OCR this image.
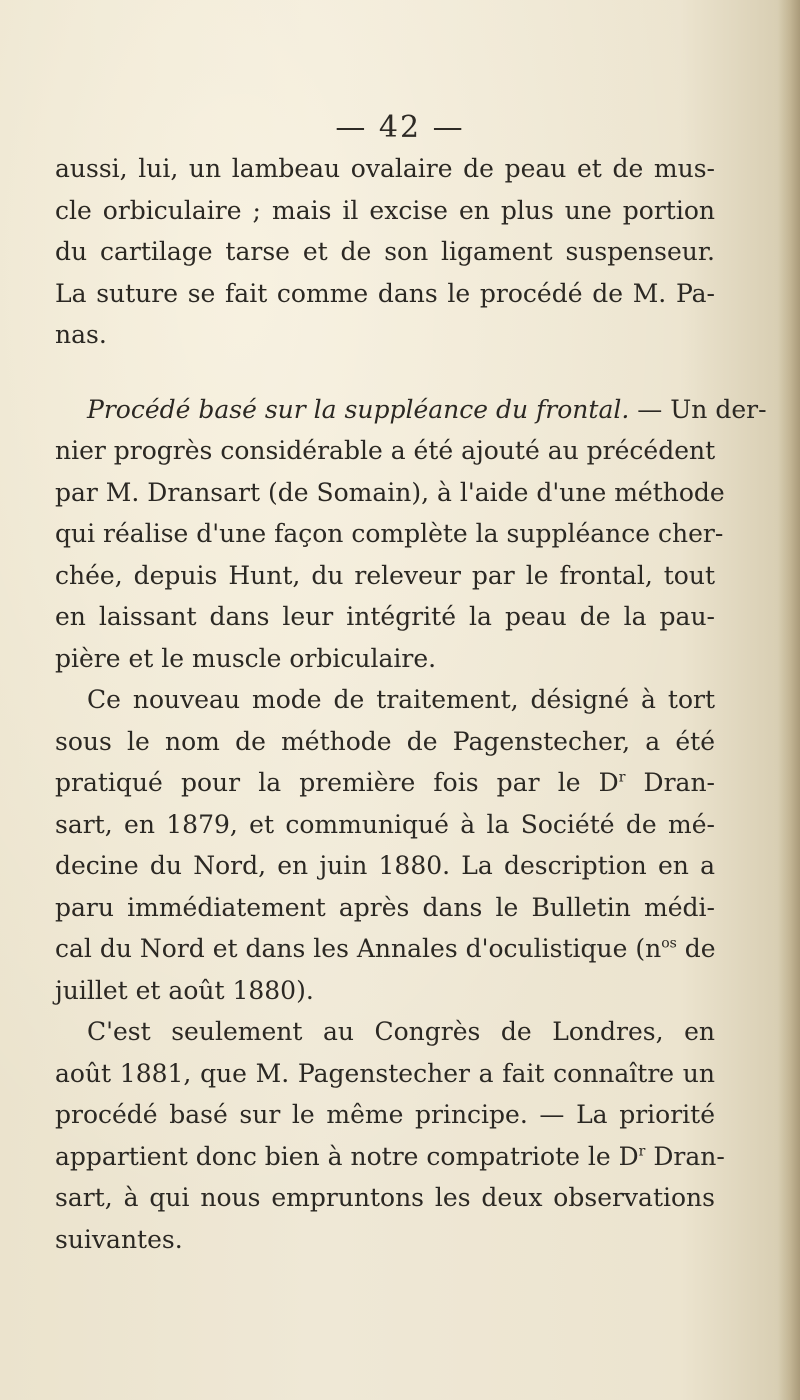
— 42 —
aussi, lui, un lambeau ovalaire de peau et de mus-
cle orbiculaire ; mais il excise en plus une portion
du cartilage tarse et de son ligament suspenseur.
La suture se fait comme dans le procédé de M. Pa-
nas.
Procédé basé sur la suppléance du frontal. — Un der-
nier progrès considérable a été ajouté au précédent
par M. Dransart (de Somain), à l'aide d'une méthode
qui réalise d'une façon complète la suppléance cher-
chée, depuis Hunt, du releveur par le frontal, tout
en laissant dans leur intégrité la peau de la pau-
pière et le muscle orbiculaire.
Ce nouveau mode de traitement, désigné à tort
sous le nom de méthode de Pagenstecher, a été
pratiqué pour la première fois par le $D^r$ Dran-
sart, en 1879, et communiqué à la Société de mé-
decine du Nord, en juin 1880. La description en a
paru immédiatement après dans le Bulletin médi-
cal du Nord et dans les Annales d'oculistique ($n^{os}$ de
juillet et août 1880).
C'est seulement au Congrès de Londres, en
août 1881, que M. Pagenstecher a fait connaître un
procédé basé sur le même principe. — La priorité
appartient donc bien à notre compatriote le $D^r$ Dran-
sart, à qui nous empruntons les deux observations
suivantes.
